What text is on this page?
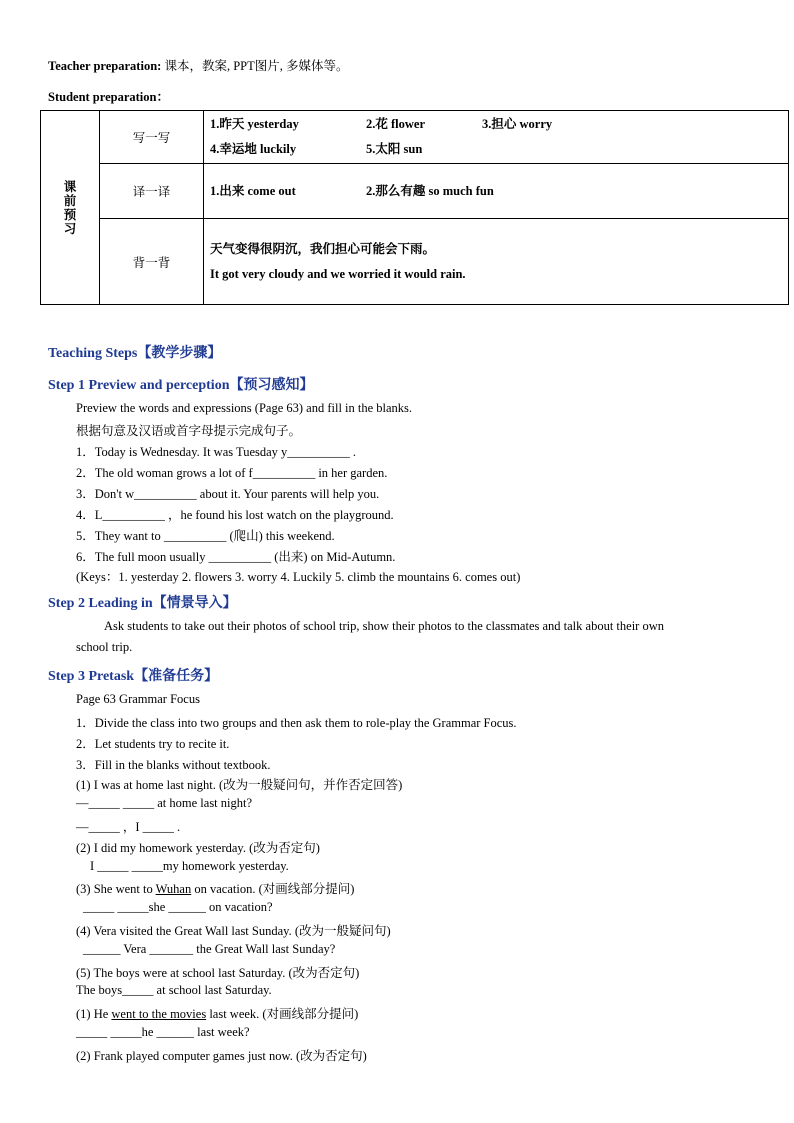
Teacher preparation: 课本，教案, PPT图片, 多媒体等。
Student preparation：
课
前
预
习	写一写	1.昨天 yesterday 2.花 flower 3.担心 worry
4.幸运地 luckily 5.太阳 sun
	译一译	1.出来 come out 2.那么有趣 so much fun
	背一背	天气变得很阴沉，我们担心可能会下雨。
It got very cloudy and we worried it would rain.
Teaching Steps【教学步骤】
Step 1 Preview and perception【预习感知】
Preview the words and expressions (Page 63) and fill in the blanks.
根据句意及汉语或首字母提示完成句子。
1．Today is Wednesday. It was Tuesday y__________ .
2．The old woman grows a lot of f__________ in her garden.
3．Don't w__________ about it. Your parents will help you.
4．L__________ ，he found his lost watch on the playground.
5．They want to __________ (爬山) this weekend.
6．The full moon usually __________ (出来) on Mid-Autumn.
(Keys：1. yesterday 2. flowers 3. worry 4. Luckily 5. climb the mountains 6. comes out)
Step 2 Leading in【情景导入】
Ask students to take out their photos of school trip, show their photos to the classmates and talk about their own
school trip.
Step 3 Pretask【准备任务】
Page 63 Grammar Focus
1．Divide the class into two groups and then ask them to role-play the Grammar Focus.
2．Let students try to recite it.
3．Fill in the blanks without textbook.
(1) I was at home last night. (改为一般疑问句，并作否定回答)
—_____ _____ at home last night?
—_____ ，I _____ .
(2) I did my homework yesterday. (改为否定句)
I _____ _____my homework yesterday.
(3) She went to Wuhan on vacation. (对画线部分提问)
_____ _____she ______ on vacation?
(4) Vera visited the Great Wall last Sunday. (改为一般疑问句)
______ Vera _______ the Great Wall last Sunday?
(5) The boys were at school last Saturday. (改为否定句)
The boys_____ at school last Saturday.
(1) He went to the movies last week. (对画线部分提问)
_____ _____he ______ last week?
(2) Frank played computer games just now. (改为否定句)
